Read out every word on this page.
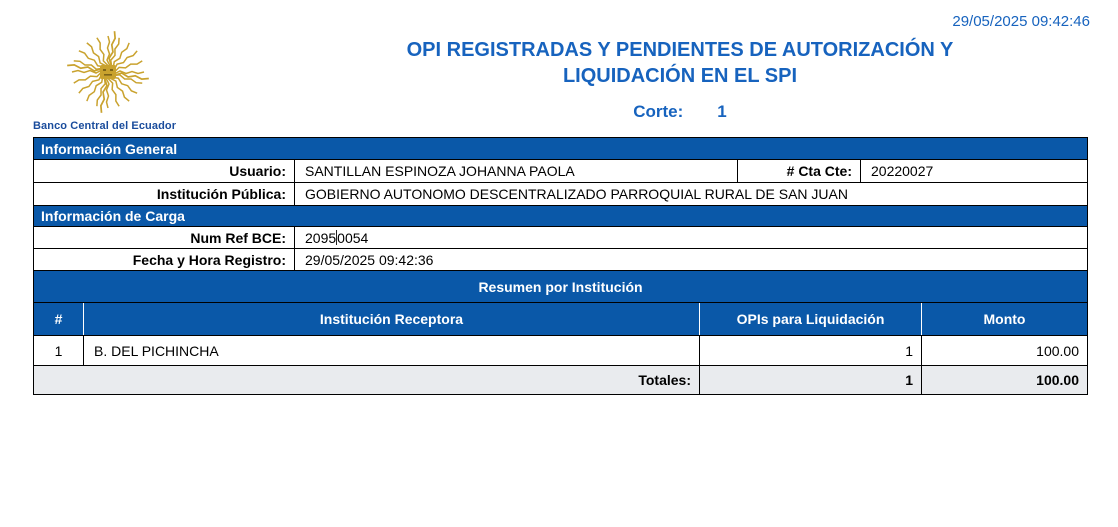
29/05/2025 09:42:46
Banco Central del Ecuador
OPI REGISTRADAS Y PENDIENTES DE AUTORIZACIÓN Y
LIQUIDACIÓN EN EL SPI
Corte: 1
Información General
Usuario:	SANTILLAN ESPINOZA JOHANNA PAOLA	# Cta Cte:	20220027
Institución Pública:	GOBIERNO AUTONOMO DESCENTRALIZADO PARROQUIAL RURAL DE SAN JUAN
Información de Carga
Num Ref BCE:	2095 0054
Fecha y Hora Registro:	29/05/2025 09:42:36
Resumen por Institución
#	Institución Receptora	OPIs para Liquidación	Monto
1	B. DEL PICHINCHA	1	100.00
Totales:	1	100.00
